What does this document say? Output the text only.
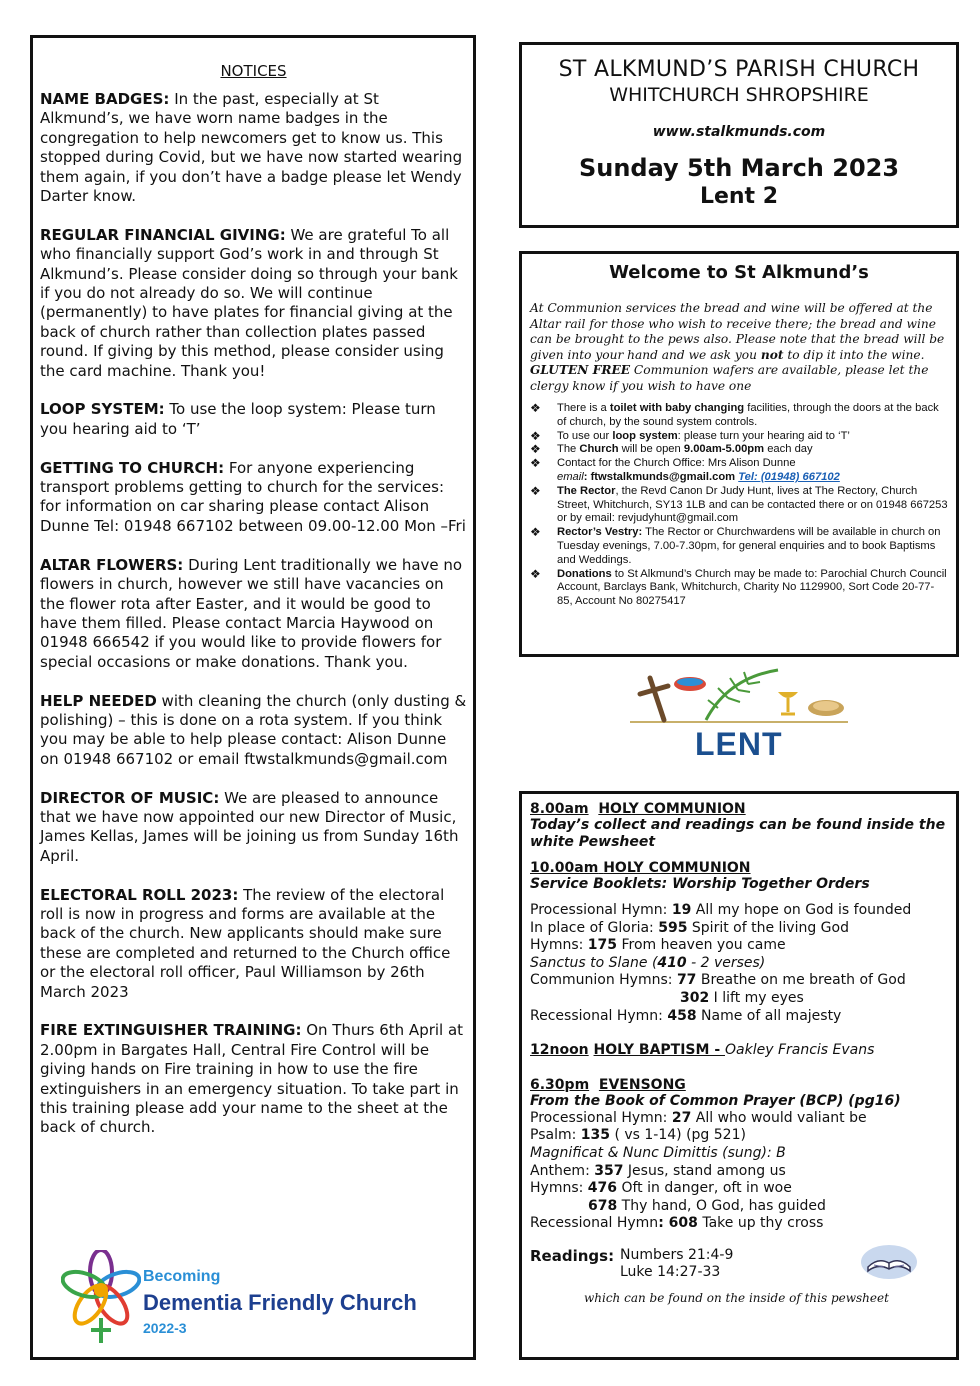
NOTICES
NAME BADGES: In the past, especially at St Alkmund’s, we have worn name badges in the congregation to help newcomers get to know us. This stopped during Covid, but we have now started wearing them again, if you don’t have a badge please let Wendy Darter know.
REGULAR FINANCIAL GIVING: We are grateful To all who financially support God’s work in and through St Alkmund’s. Please consider doing so through your bank if you do not already do so. We will continue (permanently) to have plates for financial giving at the back of church rather than collection plates passed round. If giving by this method, please consider using the card machine. Thank you!
LOOP SYSTEM: To use the loop system: Please turn you hearing aid to ‘T’
GETTING TO CHURCH: For anyone experiencing transport problems getting to church for the services: for information on car sharing please contact Alison Dunne Tel: 01948 667102 between 09.00-12.00 Mon –Fri
ALTAR FLOWERS: During Lent traditionally we have no flowers in church, however we still have vacancies on the flower rota after Easter, and it would be good to have them filled. Please contact Marcia Haywood on 01948 666542 if you would like to provide flowers for special occasions or make donations. Thank you.
HELP NEEDED with cleaning the church (only dusting & polishing) – this is done on a rota system. If you think you may be able to help please contact: Alison Dunne on 01948 667102 or email ftwstalkmunds@gmail.com
DIRECTOR OF MUSIC: We are pleased to announce that we have now appointed our new Director of Music, James Kellas, James will be joining us from Sunday 16th April.
ELECTORAL ROLL 2023: The review of the electoral roll is now in progress and forms are available at the back of the church. New applicants should make sure these are completed and returned to the Church office or the electoral roll officer, Paul Williamson by 26th March 2023
FIRE EXTINGUISHER TRAINING: On Thurs 6th April at 2.00pm in Bargates Hall, Central Fire Control will be giving hands on Fire training in how to use the fire extinguishers in an emergency situation. To take part in this training please add your name to the sheet at the back of church.
Becoming
Dementia Friendly Church
2022-3
ST ALKMUND’S PARISH CHURCH
WHITCHURCH SHROPSHIRE
www.stalkmunds.com
Sunday 5th March 2023
Lent 2
Welcome to St Alkmund’s
At Communion services the bread and wine will be offered at the Altar rail for those who wish to receive there; the bread and wine can be brought to the pews also. Please note that the bread will be given into your hand and we ask you not to dip it into the wine. GLUTEN FREE Communion wafers are available, please let the clergy know if you wish to have one
❖ There is a toilet with baby changing facilities, through the doors at the back of church, by the sound system controls.
❖ To use our loop system: please turn your hearing aid to ‘T’
❖ The Church will be open 9.00am-5.00pm each day
❖ Contact for the Church Office: Mrs Alison Dunne
email: ftwstalkmunds@gmail.com Tel: (01948) 667102
❖ The Rector, the Revd Canon Dr Judy Hunt, lives at The Rectory, Church Street, Whitchurch, SY13 1LB and can be contacted there or on 01948 667253 or by email: revjudyhunt@gmail.com
❖ Rector’s Vestry: The Rector or Churchwardens will be available in church on Tuesday evenings, 7.00-7.30pm, for general enquiries and to book Baptisms and Weddings.
❖ Donations to St Alkmund’s Church may be made to: Parochial Church Council Account, Barclays Bank, Whitchurch, Charity No 1129900, Sort Code 20-77-85, Account No 80275417
LENT
8.00am HOLY COMMUNION
Today’s collect and readings can be found inside the white Pewsheet
10.00am HOLY COMMUNION
Service Booklets: Worship Together Orders
Processional Hymn: 19 All my hope on God is founded
In place of Gloria: 595 Spirit of the living God
Hymns: 175 From heaven you came
Sanctus to Slane (410 - 2 verses)
Communion Hymns: 77 Breathe on me breath of God
302 I lift my eyes
Recessional Hymn: 458 Name of all majesty
12noon HOLY BAPTISM - Oakley Francis Evans
6.30pm EVENSONG
From the Book of Common Prayer (BCP) (pg16)
Processional Hymn: 27 All who would valiant be
Psalm: 135 ( vs 1-14) (pg 521)
Magnificat & Nunc Dimittis (sung): B
Anthem: 357 Jesus, stand among us
Hymns: 476 Oft in danger, oft in woe
678 Thy hand, O God, has guided
Recessional Hymn: 608 Take up thy cross
Readings: Numbers 21:4-9
Luke 14:27-33
which can be found on the inside of this pewsheet
